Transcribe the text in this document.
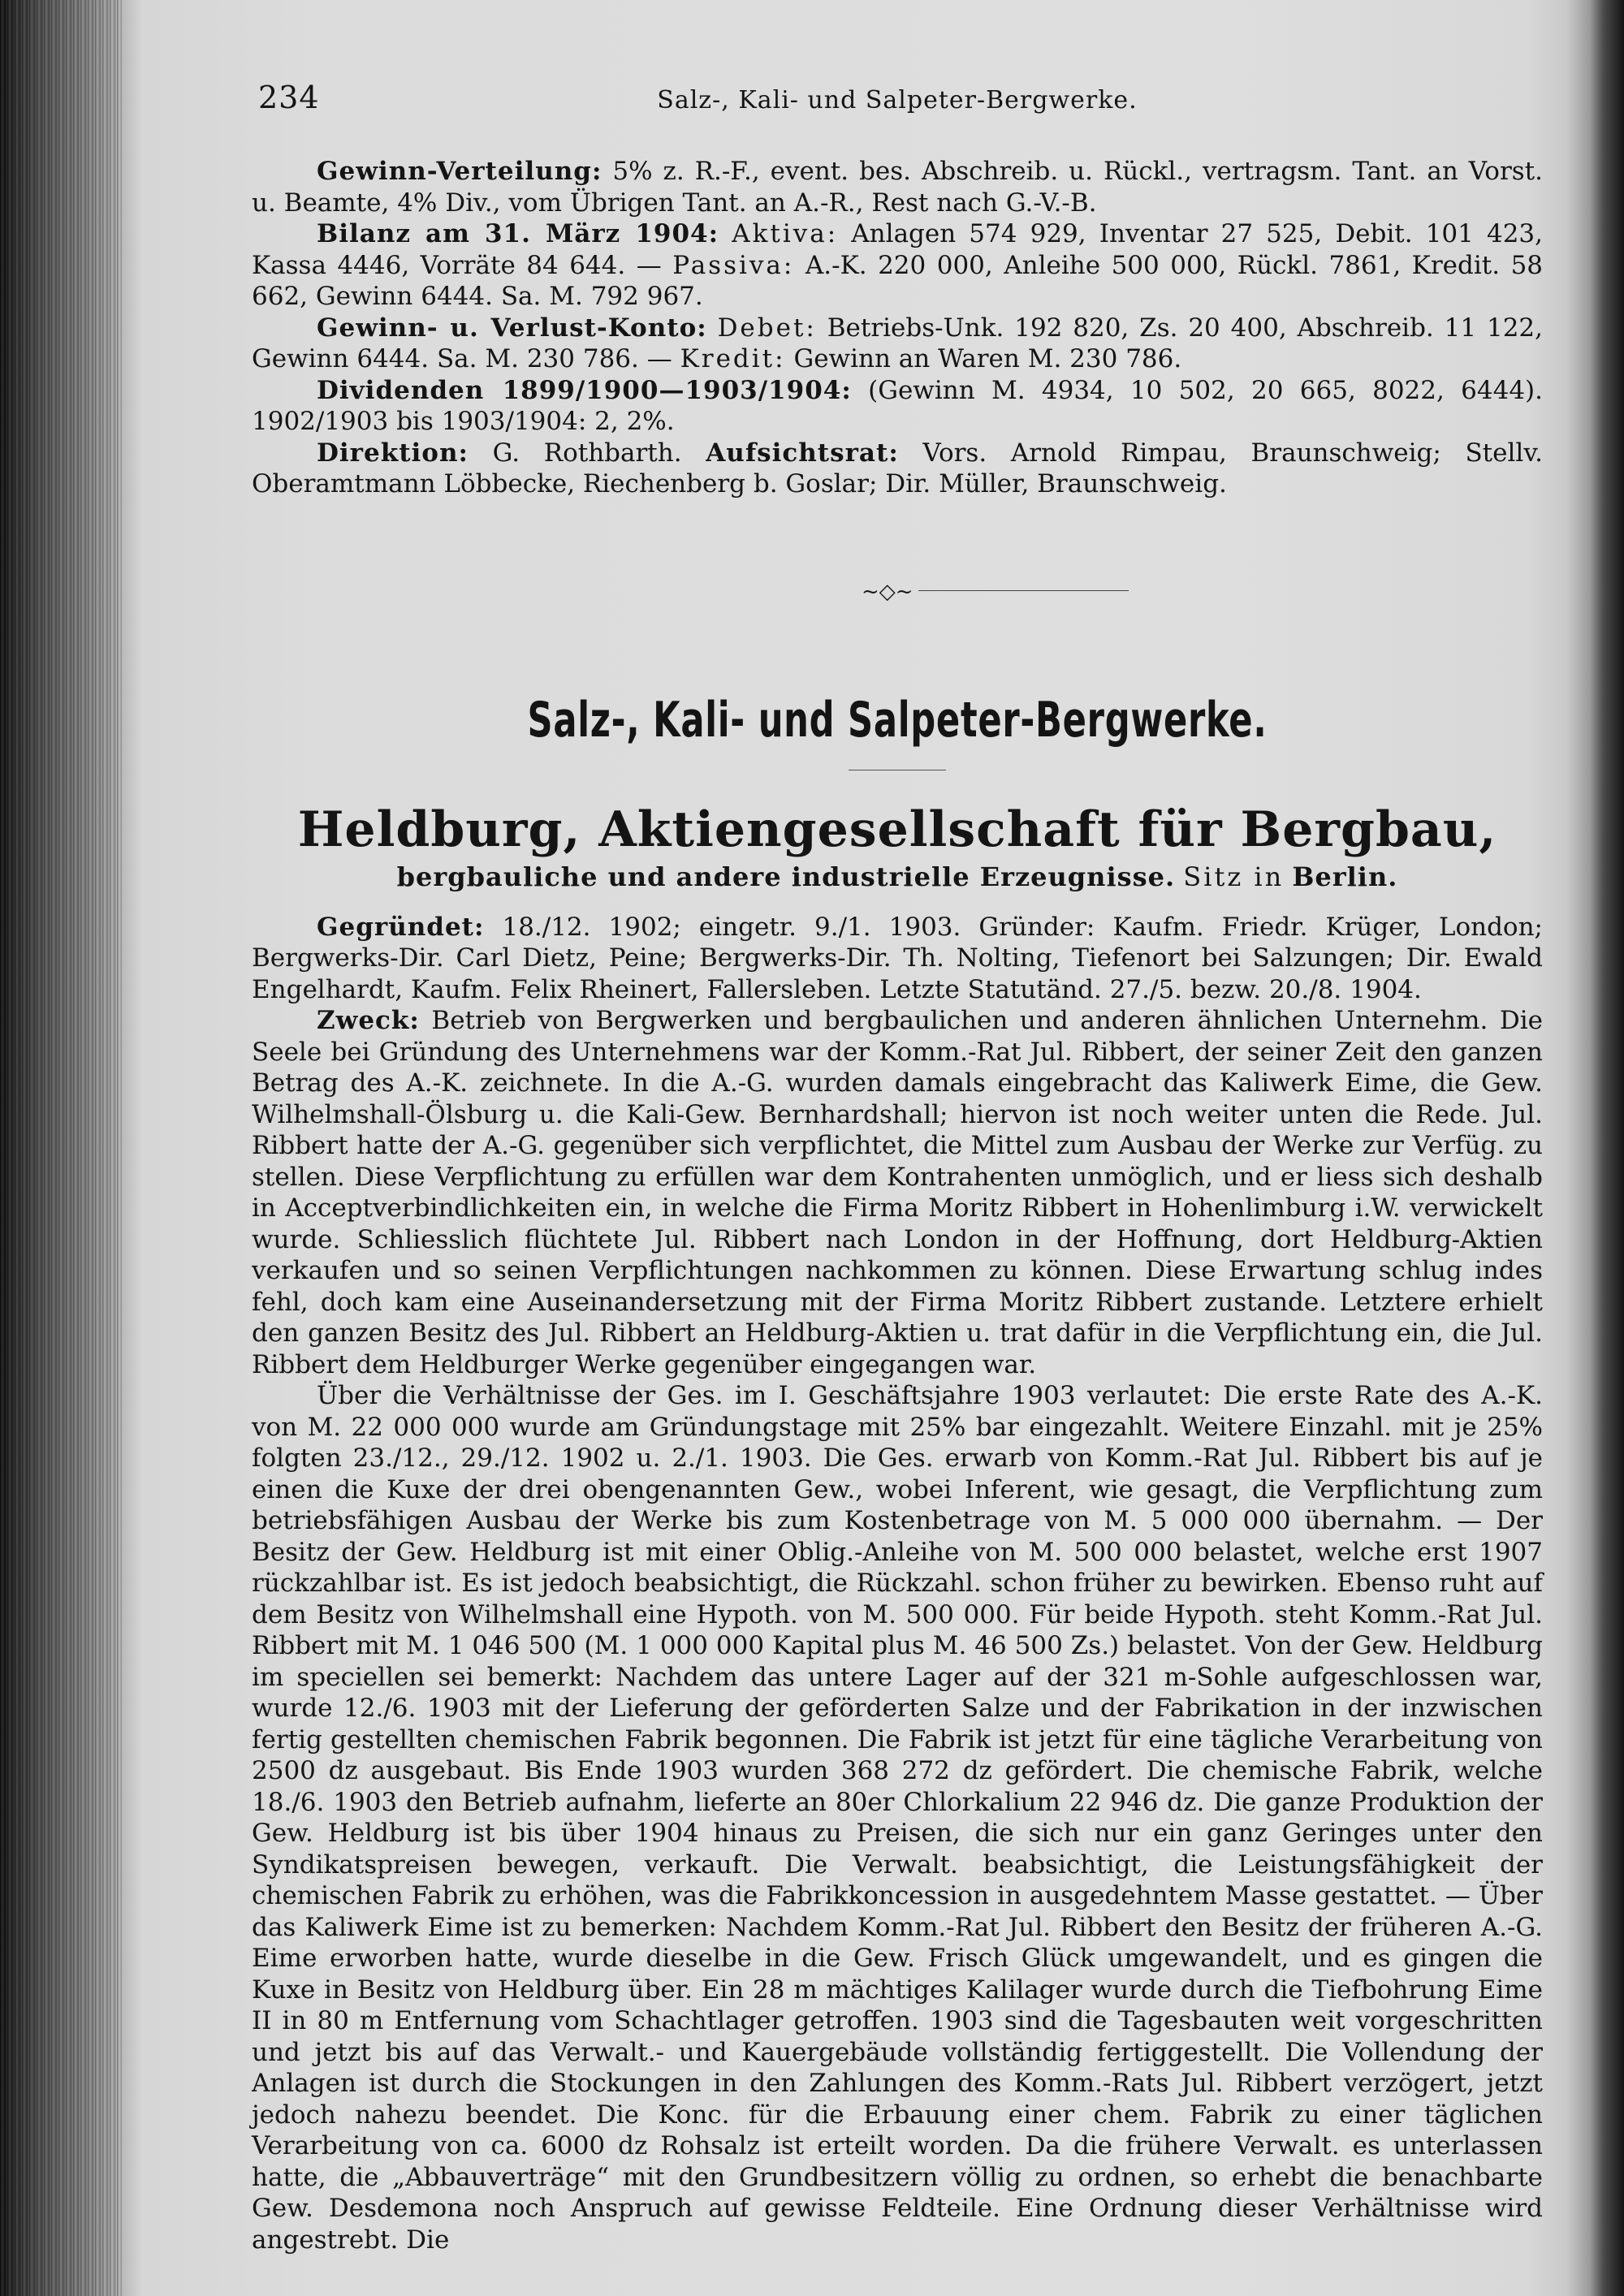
234	Salz-, Kali- und Salpeter-Bergwerke.

Gewinn-Verteilung: 5% z. R.-F., event. bes. Abschreib. u. Rückl., vertragsm. Tant. an Vorst. u. Beamte, 4% Div., vom Übrigen Tant. an A.-R., Rest nach G.-V.-B.

Bilanz am 31. März 1904: Aktiva: Anlagen 574 929, Inventar 27 525, Debit. 101 423, Kassa 4446, Vorräte 84 644. — Passiva: A.-K. 220 000, Anleihe 500 000, Rückl. 7861, Kredit. 58 662, Gewinn 6444. Sa. M. 792 967.

Gewinn- u. Verlust-Konto: Debet: Betriebs-Unk. 192 820, Zs. 20 400, Abschreib. 11 122, Gewinn 6444. Sa. M. 230 786. — Kredit: Gewinn an Waren M. 230 786.

Dividenden 1899/1900—1903/1904: (Gewinn M. 4934, 10 502, 20 665, 8022, 6444). 1902/1903 bis 1903/1904: 2, 2%.

Direktion: G. Rothbarth. Aufsichtsrat: Vors. Arnold Rimpau, Braunschweig; Stellv. Oberamtmann Löbbecke, Riechenberg b. Goslar; Dir. Müller, Braunschweig.

~◇~
Salz-, Kali- und Salpeter-Bergwerke.
Heldburg, Aktiengesellschaft für Bergbau,
bergbauliche und andere industrielle Erzeugnisse. Sitz in Berlin.

Gegründet: 18./12. 1902; eingetr. 9./1. 1903. Gründer: Kaufm. Friedr. Krüger, London; Bergwerks-Dir. Carl Dietz, Peine; Bergwerks-Dir. Th. Nolting, Tiefenort bei Salzungen; Dir. Ewald Engelhardt, Kaufm. Felix Rheinert, Fallersleben. Letzte Statutänd. 27./5. bezw. 20./8. 1904.

Zweck: Betrieb von Bergwerken und bergbaulichen und anderen ähnlichen Unternehm. Die Seele bei Gründung des Unternehmens war der Komm.-Rat Jul. Ribbert, der seiner Zeit den ganzen Betrag des A.-K. zeichnete. In die A.-G. wurden damals eingebracht das Kaliwerk Eime, die Gew. Wilhelmshall-Ölsburg u. die Kali-Gew. Bernhardshall; hiervon ist noch weiter unten die Rede. Jul. Ribbert hatte der A.-G. gegenüber sich verpflichtet, die Mittel zum Ausbau der Werke zur Verfüg. zu stellen. Diese Verpflichtung zu erfüllen war dem Kontrahenten unmöglich, und er liess sich deshalb in Acceptverbindlichkeiten ein, in welche die Firma Moritz Ribbert in Hohenlimburg i.W. verwickelt wurde. Schliesslich flüchtete Jul. Ribbert nach London in der Hoffnung, dort Heldburg-Aktien verkaufen und so seinen Verpflichtungen nachkommen zu können. Diese Erwartung schlug indes fehl, doch kam eine Auseinandersetzung mit der Firma Moritz Ribbert zustande. Letztere erhielt den ganzen Besitz des Jul. Ribbert an Heldburg-Aktien u. trat dafür in die Verpflichtung ein, die Jul. Ribbert dem Heldburger Werke gegenüber eingegangen war.

Über die Verhältnisse der Ges. im I. Geschäftsjahre 1903 verlautet: Die erste Rate des A.-K. von M. 22 000 000 wurde am Gründungstage mit 25% bar eingezahlt. Weitere Einzahl. mit je 25% folgten 23./12., 29./12. 1902 u. 2./1. 1903. Die Ges. erwarb von Komm.-Rat Jul. Ribbert bis auf je einen die Kuxe der drei obengenannten Gew., wobei Inferent, wie gesagt, die Verpflichtung zum betriebsfähigen Ausbau der Werke bis zum Kostenbetrage von M. 5 000 000 übernahm. — Der Besitz der Gew. Heldburg ist mit einer Oblig.-Anleihe von M. 500 000 belastet, welche erst 1907 rückzahlbar ist. Es ist jedoch beabsichtigt, die Rückzahl. schon früher zu bewirken. Ebenso ruht auf dem Besitz von Wilhelmshall eine Hypoth. von M. 500 000. Für beide Hypoth. steht Komm.-Rat Jul. Ribbert mit M. 1 046 500 (M. 1 000 000 Kapital plus M. 46 500 Zs.) belastet. Von der Gew. Heldburg im speciellen sei bemerkt: Nachdem das untere Lager auf der 321 m-Sohle aufgeschlossen war, wurde 12./6. 1903 mit der Lieferung der geförderten Salze und der Fabrikation in der inzwischen fertig gestellten chemischen Fabrik begonnen. Die Fabrik ist jetzt für eine tägliche Verarbeitung von 2500 dz ausgebaut. Bis Ende 1903 wurden 368 272 dz gefördert. Die chemische Fabrik, welche 18./6. 1903 den Betrieb aufnahm, lieferte an 80er Chlorkalium 22 946 dz. Die ganze Produktion der Gew. Heldburg ist bis über 1904 hinaus zu Preisen, die sich nur ein ganz Geringes unter den Syndikatspreisen bewegen, verkauft. Die Verwalt. beabsichtigt, die Leistungsfähigkeit der chemischen Fabrik zu erhöhen, was die Fabrikkoncession in ausgedehntem Masse gestattet. — Über das Kaliwerk Eime ist zu bemerken: Nachdem Komm.-Rat Jul. Ribbert den Besitz der früheren A.-G. Eime erworben hatte, wurde dieselbe in die Gew. Frisch Glück umgewandelt, und es gingen die Kuxe in Besitz von Heldburg über. Ein 28 m mächtiges Kalilager wurde durch die Tiefbohrung Eime II in 80 m Entfernung vom Schachtlager getroffen. 1903 sind die Tagesbauten weit vorgeschritten und jetzt bis auf das Verwalt.- und Kauergebäude vollständig fertiggestellt. Die Vollendung der Anlagen ist durch die Stockungen in den Zahlungen des Komm.-Rats Jul. Ribbert verzögert, jetzt jedoch nahezu beendet. Die Konc. für die Erbauung einer chem. Fabrik zu einer täglichen Verarbeitung von ca. 6000 dz Rohsalz ist erteilt worden. Da die frühere Verwalt. es unterlassen hatte, die „Abbauverträge“ mit den Grundbesitzern völlig zu ordnen, so erhebt die benachbarte Gew. Desdemona noch Anspruch auf gewisse Feldteile. Eine Ordnung dieser Verhältnisse wird angestrebt. Die
